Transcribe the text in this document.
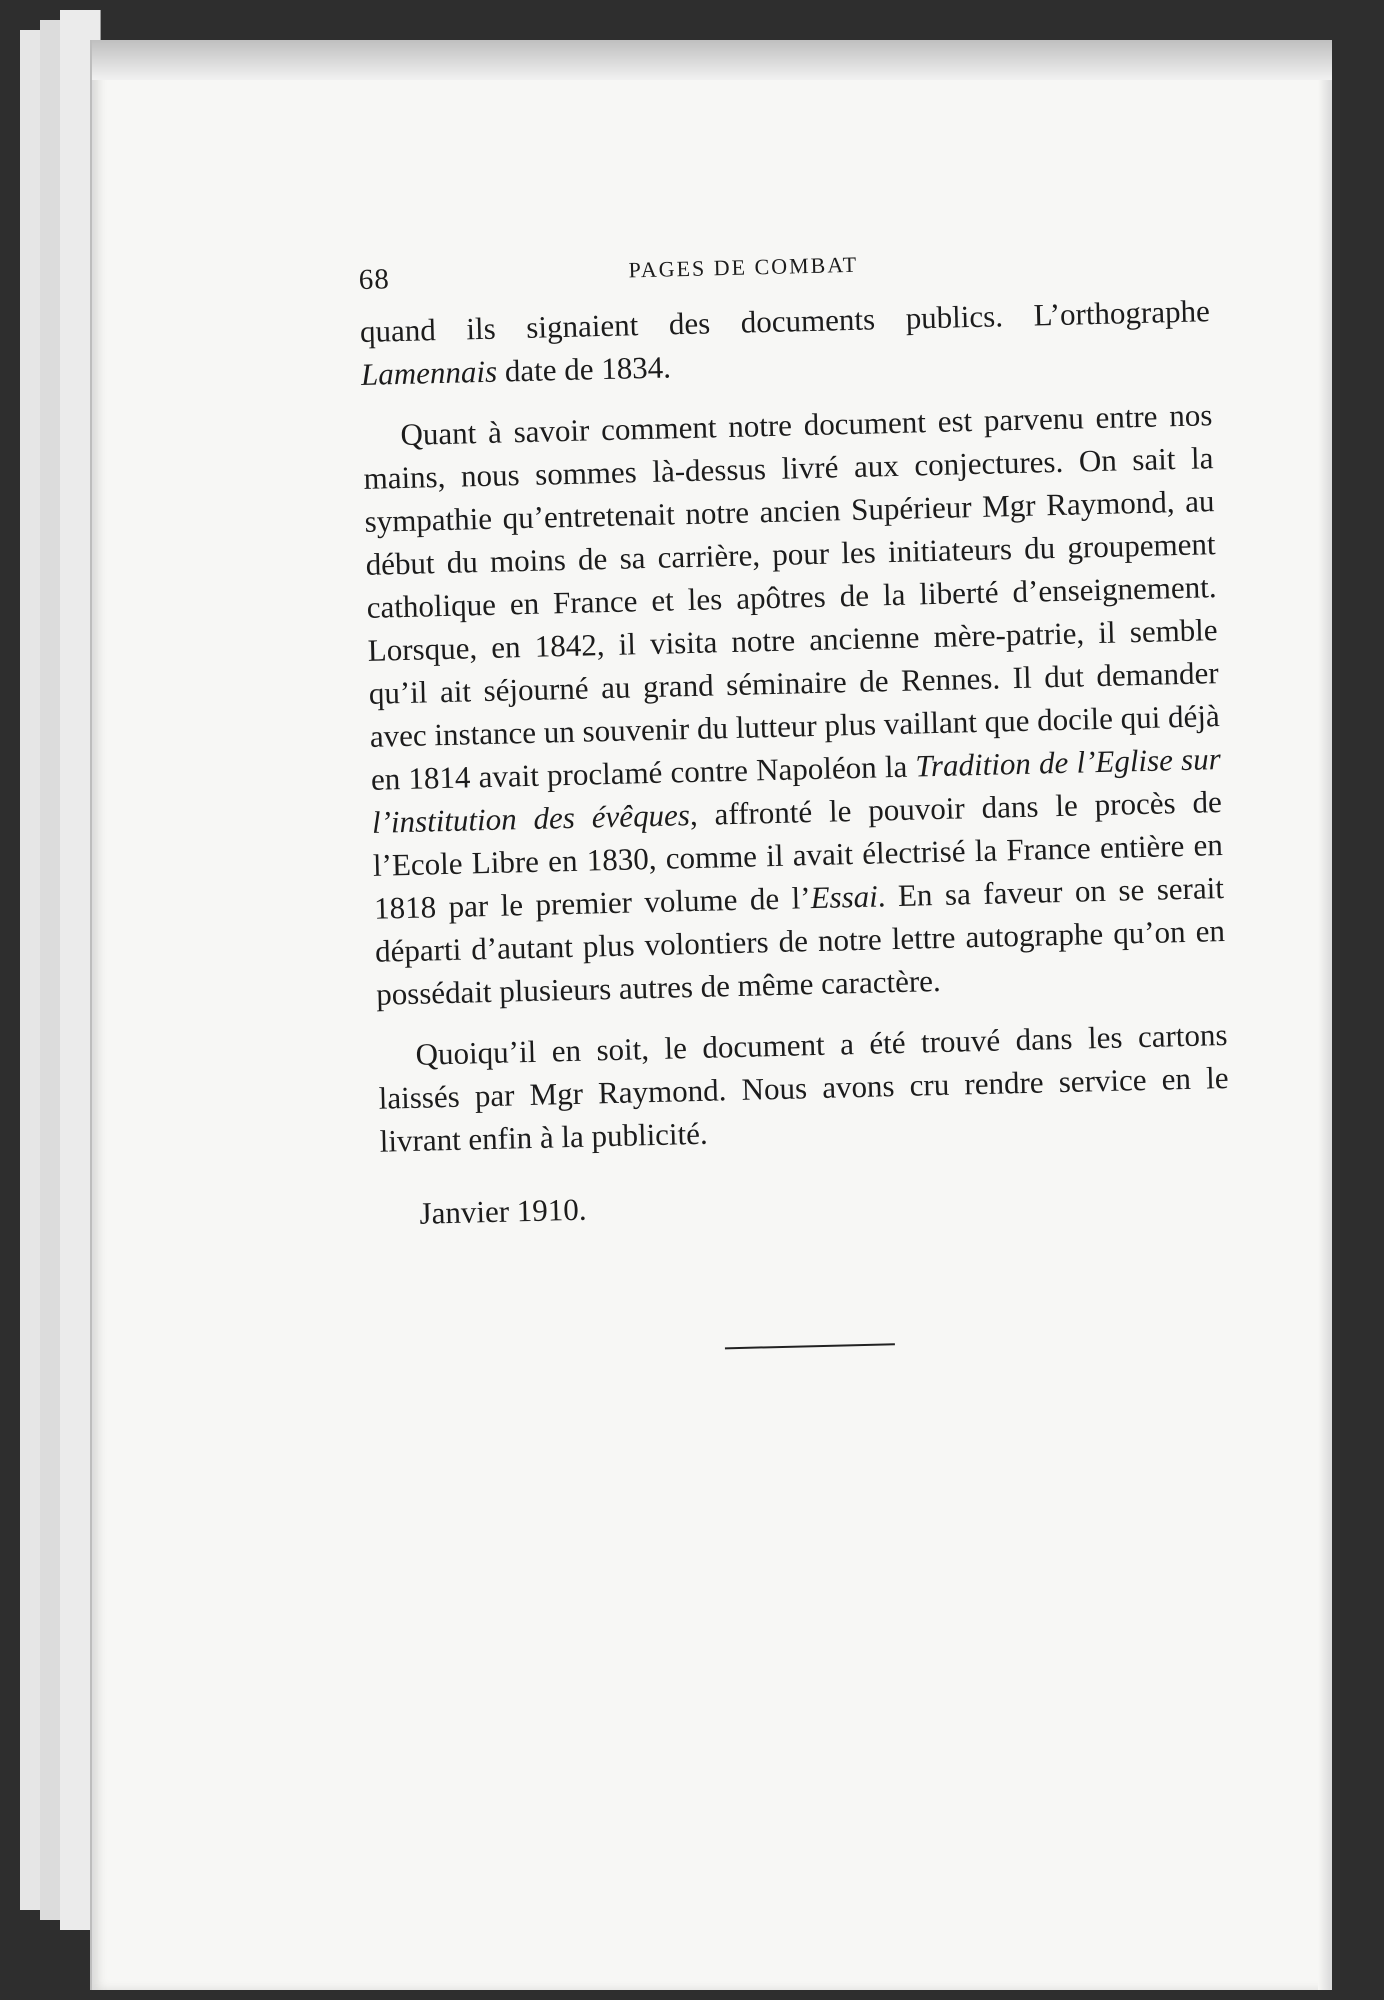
68	PAGES DE COMBAT

quand ils signaient des documents publics. L’orthographe Lamennais date de 1834.

Quant à savoir comment notre document est parvenu entre nos mains, nous sommes là-dessus livré aux conjectures. On sait la sympathie qu’entretenait notre ancien Supérieur Mgr Raymond, au début du moins de sa carrière, pour les initiateurs du groupement catholique en France et les apôtres de la liberté d’enseignement. Lorsque, en 1842, il visita notre ancienne mère-patrie, il semble qu’il ait séjourné au grand séminaire de Rennes. Il dut demander avec instance un souvenir du lutteur plus vaillant que docile qui déjà en 1814 avait proclamé contre Napoléon la Tradition de l’Eglise sur l’institution des évêques, affronté le pouvoir dans le procès de l’Ecole Libre en 1830, comme il avait électrisé la France entière en 1818 par le premier volume de l’Essai. En sa faveur on se serait départi d’autant plus volontiers de notre lettre autographe qu’on en possédait plusieurs autres de même caractère.

Quoiqu’il en soit, le document a été trouvé dans les cartons laissés par Mgr Raymond. Nous avons cru rendre service en le livrant enfin à la publicité.

Janvier 1910.
